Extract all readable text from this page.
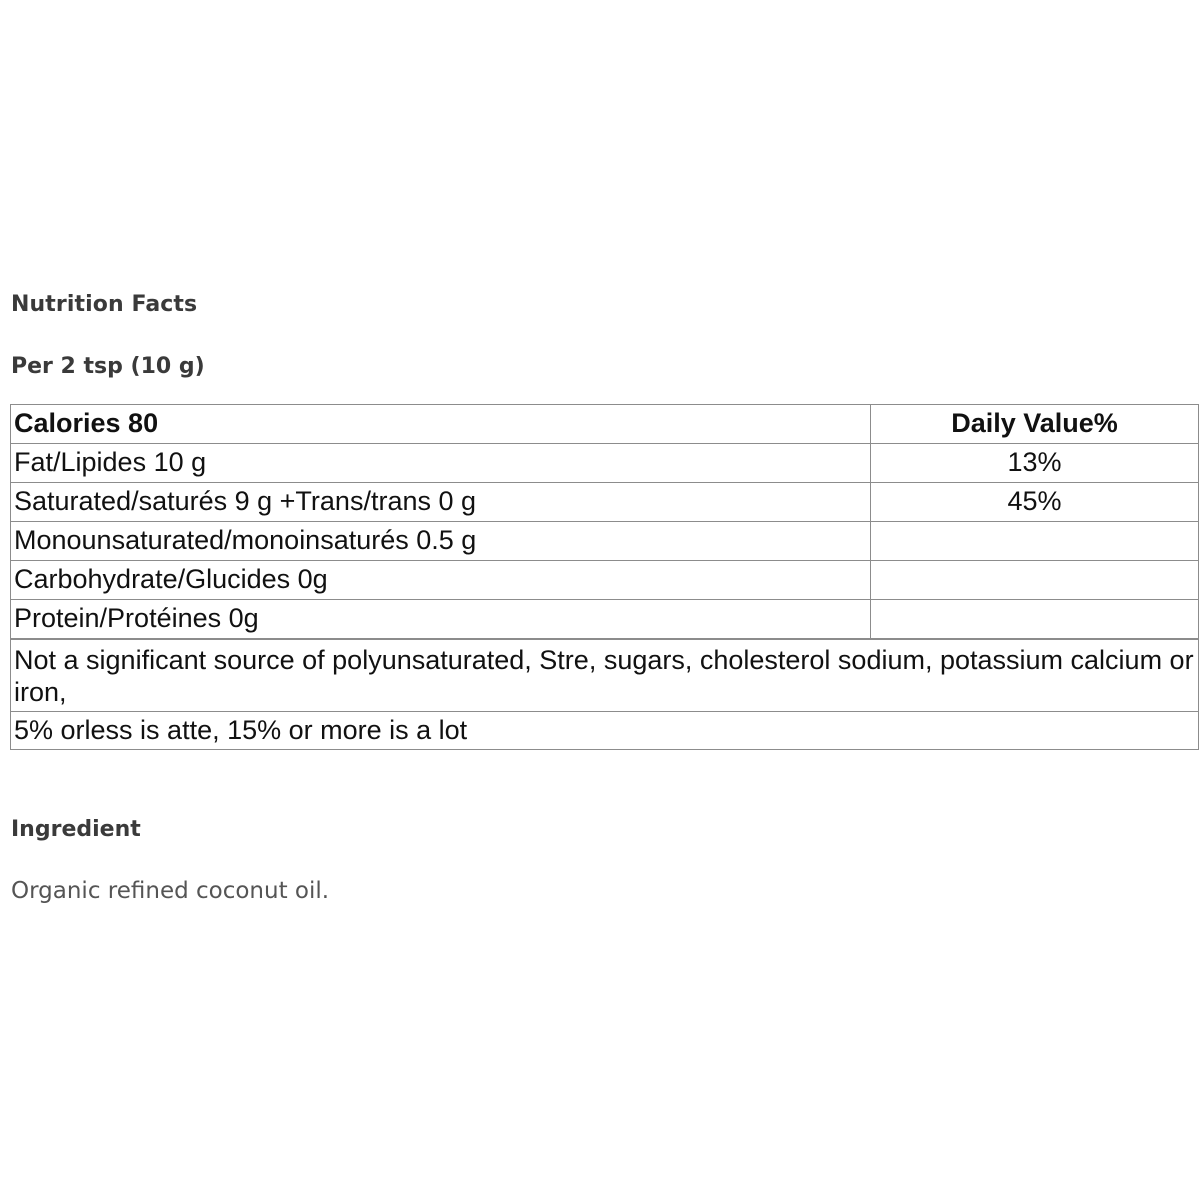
Nutrition Facts
Per 2 tsp (10 g)
Calories 80	Daily Value%
Fat/Lipides 10 g	13%
Saturated/saturés 9 g +Trans/trans 0 g	45%
Monounsaturated/monoinsaturés 0.5 g	
Carbohydrate/Glucides 0g	
Protein/Protéines 0g	
Not a significant source of polyunsaturated, Stre, sugars, cholesterol sodium, potassium calcium or iron,	
5% orless is atte, 15% or more is a lot	
Ingredient

Organic refined coconut oil.
